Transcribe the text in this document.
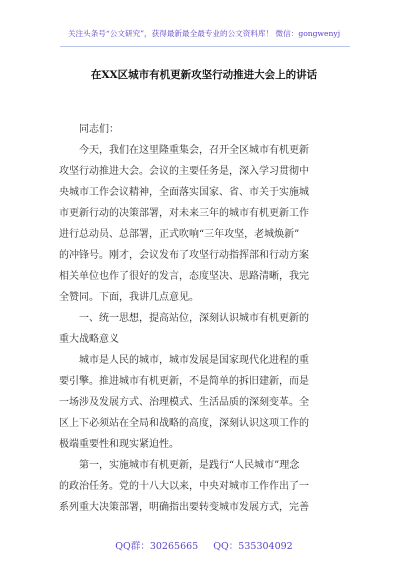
关注头条号“公文研究”，获得最新最全最专业的公文资料库！ 微信：gongwenyj
在XX区城市有机更新攻坚行动推进大会上的讲话

同志们：

今天，我们在这里隆重集会，召开全区城市有机更新

攻坚行动推进大会。会议的主要任务是，深入学习贯彻中

央城市工作会议精神，全面落实国家、省、市关于实施城

市更新行动的决策部署，对未来三年的城市有机更新工作

进行总动员、总部署，正式吹响“三年攻坚，老城焕新”

的冲锋号。刚才，会议发布了攻坚行动指挥部和行动方案

相关单位也作了很好的发言，态度坚决、思路清晰，我完

全赞同。下面，我讲几点意见。

一、统一思想，提高站位，深刻认识城市有机更新的

重大战略意义

城市是人民的城市，城市发展是国家现代化进程的重

要引擎。推进城市有机更新，不是简单的拆旧建新，而是

一场涉及发展方式、治理模式、生活品质的深刻变革。全

区上下必须站在全局和战略的高度，深刻认识这项工作的

极端重要性和现实紧迫性。

第一，实施城市有机更新，是践行“人民城市”理念

的政治任务。党的十八大以来，中央对城市工作作出了一

系列重大决策部署，明确指出要转变城市发展方式，完善

QQ群：30265665 QQ：535304092
